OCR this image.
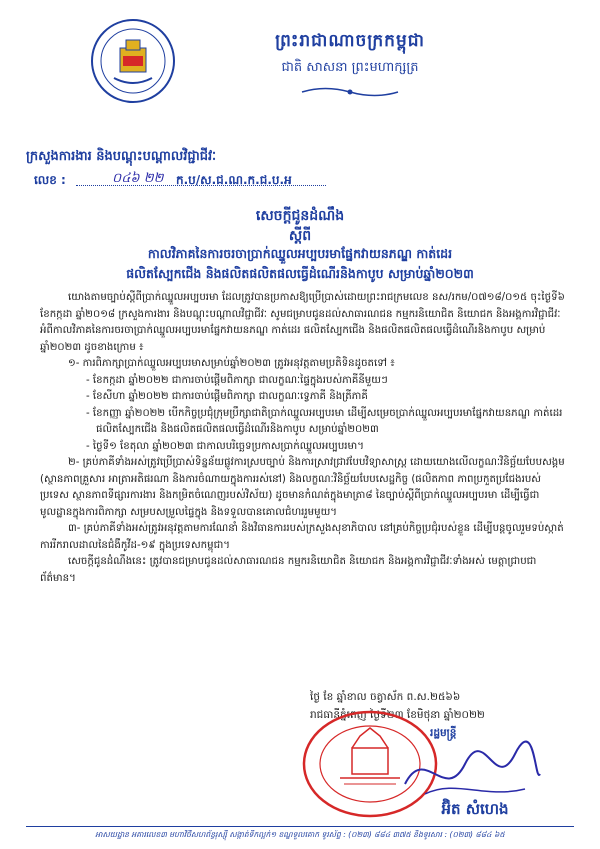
ព្រះរាជាណាចក្រកម្ពុជា
ជាតិ សាសនា ព្រះមហាក្សត្រ
ក្រសួងការងារ និងបណ្តុះបណ្តាលវិជ្ជាជីវៈ
លេខ :	០៤៦ ២២ ក.ប/ស.ជ.ណ.ក.ជ.ប.អ
សេចក្តីជូនដំណឹង
ស្តីពី
កាលវិភាគនៃការចរចាប្រាក់ឈ្នួលអប្បបរមាផ្នែកវាយនភណ្ឌ កាត់ដេរ
ផលិតស្បែកជើង និងផលិតផលិតផលធ្វើដំណើរនិងកាបូប សម្រាប់ឆ្នាំ២០២៣

យោងតាមច្បាប់ស្តីពីប្រាក់ឈ្នួលអប្បបរមា ដែលត្រូវបានប្រកាសឱ្យប្រើប្រាស់ដោយព្រះរាជក្រមលេខ នស/រកម/០៧១៨/០១៥ ចុះថ្ងៃទី៦ ខែកក្កដា ឆ្នាំ២០១៨ ក្រសួងការងារ និងបណ្តុះបណ្តាលវិជ្ជាជីវៈ សូមជម្រាបជូនដល់សាធារណជន កម្មករនិយោជិត និយោជក និងអង្គការវិជ្ជាជីវៈ អំពីកាលវិភាគនៃការចរចាប្រាក់ឈ្នួលអប្បបរមាផ្នែកវាយនភណ្ឌ កាត់ដេរ ផលិតស្បែកជើង និងផលិតផលិតផលធ្វើដំណើរនិងកាបូប សម្រាប់ឆ្នាំ២០២៣ ដូចខាងក្រោម ៖

១- ការពិភាក្សាប្រាក់ឈ្នួលអប្បបរមាសម្រាប់ឆ្នាំ២០២៣ ត្រូវអនុវត្តតាមប្រតិទិនដូចតទៅ ៖

- ខែកក្កដា ឆ្នាំ២០២២ ជាការចាប់ផ្តើមពិភាក្សា ជាលក្ខណៈផ្ទៃក្នុងរបស់ភាគីនីមួយៗ

- ខែសីហា ឆ្នាំ២០២២ ជាការចាប់ផ្តើមពិភាក្សា ជាលក្ខណៈទ្វេភាគី និងត្រីភាគី

- ខែកញ្ញា ឆ្នាំ២០២២ បើកកិច្ចប្រជុំក្រុមប្រឹក្សាជាតិប្រាក់ឈ្នួលអប្បបរមា ដើម្បីសម្រេចប្រាក់ឈ្នួលអប្បបរមាផ្នែកវាយនភណ្ឌ កាត់ដេរ ផលិតស្បែកជើង និងផលិតផលិតផលធ្វើដំណើរនិងកាបូប សម្រាប់ឆ្នាំ២០២៣

- ថ្ងៃទី១ ខែតុលា ឆ្នាំ២០២៣ ជាកាលបរិច្ឆេទប្រកាសប្រាក់ឈ្នួលអប្បបរមា។

២- គ្រប់ភាគីទាំងអស់ត្រូវប្រើប្រាស់ទិន្នន័យផ្លូវការស្របច្បាប់ និងការស្រាវជ្រាវបែបវិទ្យាសាស្ត្រ ដោយយោងលើលក្ខណៈវិនិច្ឆ័យបែបសង្គម (ស្ថានភាពគ្រួសារ អាត្រាអតិផរណា និងការចំណាយក្នុងការរស់នៅ) និងលក្ខណៈវិនិច្ឆ័យបែបសេដ្ឋកិច្ច (ផលិតភាព ភាពប្រកួតប្រជែងរបស់ប្រទេស ស្ថានភាពទីផ្សារការងារ និងកម្រិតចំណេញរបស់វិស័យ) ដូចមានកំណត់ក្នុងមាត្រា៨ នៃច្បាប់ស្តីពីប្រាក់ឈ្នួលអប្បបរមា ដើម្បីធ្វើជាមូលដ្ឋានក្នុងការពិភាក្សា សម្របសម្រួលផ្ទៃក្នុង និងទទួលបានគោលជំហររួមមួយ។

៣- គ្រប់ភាគីទាំងអស់ត្រូវអនុវត្តតាមការណែនាំ និងវិធានការរបស់ក្រសួងសុខាភិបាល នៅគ្រប់កិច្ចប្រជុំរបស់ខ្លួន ដើម្បីបន្តចូលរួមទប់ស្កាត់ការរីករាលដាលនៃជំងឺកូវីដ-១៩ ក្នុងប្រទេសកម្ពុជា។

សេចក្តីជូនដំណឹងនេះ ត្រូវបានជម្រាបជូនដល់សាធារណជន កម្មករនិយោជិត និយោជក និងអង្គការវិជ្ជាជីវៈទាំងអស់ មេត្តាជ្រាបជាព័ត៌មាន។

ថ្ងៃ ខែ ឆ្នាំខាល ចត្វាស័ក ព.ស.២៥៦៦
រាជធានីភ្នំពេញ ថ្ងៃទី២៣ ខែមិថុនា ឆ្នាំ២០២២
រដ្ឋមន្ត្រី
អ៊ិត សំហេង
អាសយដ្ឋាន អគារលេខ៣ មហាវិថីសហព័ន្ធរុស្ស៊ី សង្កាត់ទឹកល្អក់១ ខណ្ឌទួលគោក ទូរស័ព្ទ : (០២៣) ៨៨៤ ៣៧៥ និងទូរសារ : (០២៣) ៨៨៤ ៦៥
